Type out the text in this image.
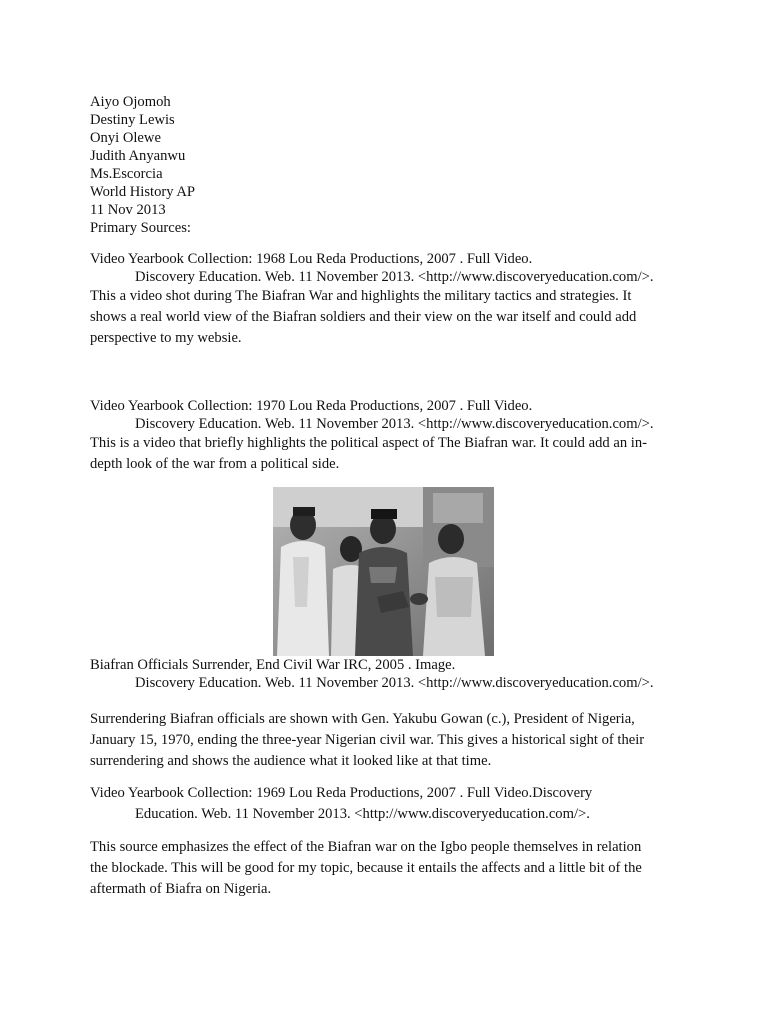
Aiyo Ojomoh
Destiny Lewis
Onyi Olewe
Judith Anyanwu
Ms.Escorcia
World History AP
11 Nov 2013
Primary Sources:
Video Yearbook Collection: 1968 Lou Reda Productions, 2007 . Full Video.
Discovery Education. Web. 11 November 2013. <http://www.discoveryeducation.com/>.
This a video shot during The Biafran War and highlights the military tactics and strategies. It
shows a real world view of the Biafran soldiers and their view on the war itself and could add
perspective to my websie.
Video Yearbook Collection: 1970 Lou Reda Productions, 2007 . Full Video.
Discovery Education. Web. 11 November 2013. <http://www.discoveryeducation.com/>.
This is a video that briefly highlights the political aspect of The Biafran war. It could add an in-
depth look of the war from a political side.
Biafran Officials Surrender, End Civil War IRC, 2005 . Image.
Discovery Education. Web. 11 November 2013. <http://www.discoveryeducation.com/>.
Surrendering Biafran officials are shown with Gen. Yakubu Gowan (c.), President of Nigeria,
January 15, 1970, ending the three-year Nigerian civil war. This gives a historical sight of their
surrendering and shows the audience what it looked like at that time.
Video Yearbook Collection: 1969 Lou Reda Productions, 2007 . Full Video.Discovery
Education. Web. 11 November 2013. <http://www.discoveryeducation.com/>.
This source emphasizes the effect of the Biafran war on the Igbo people themselves in relation
the blockade. This will be good for my topic, because it entails the affects and a little bit of the
aftermath of Biafra on Nigeria.
